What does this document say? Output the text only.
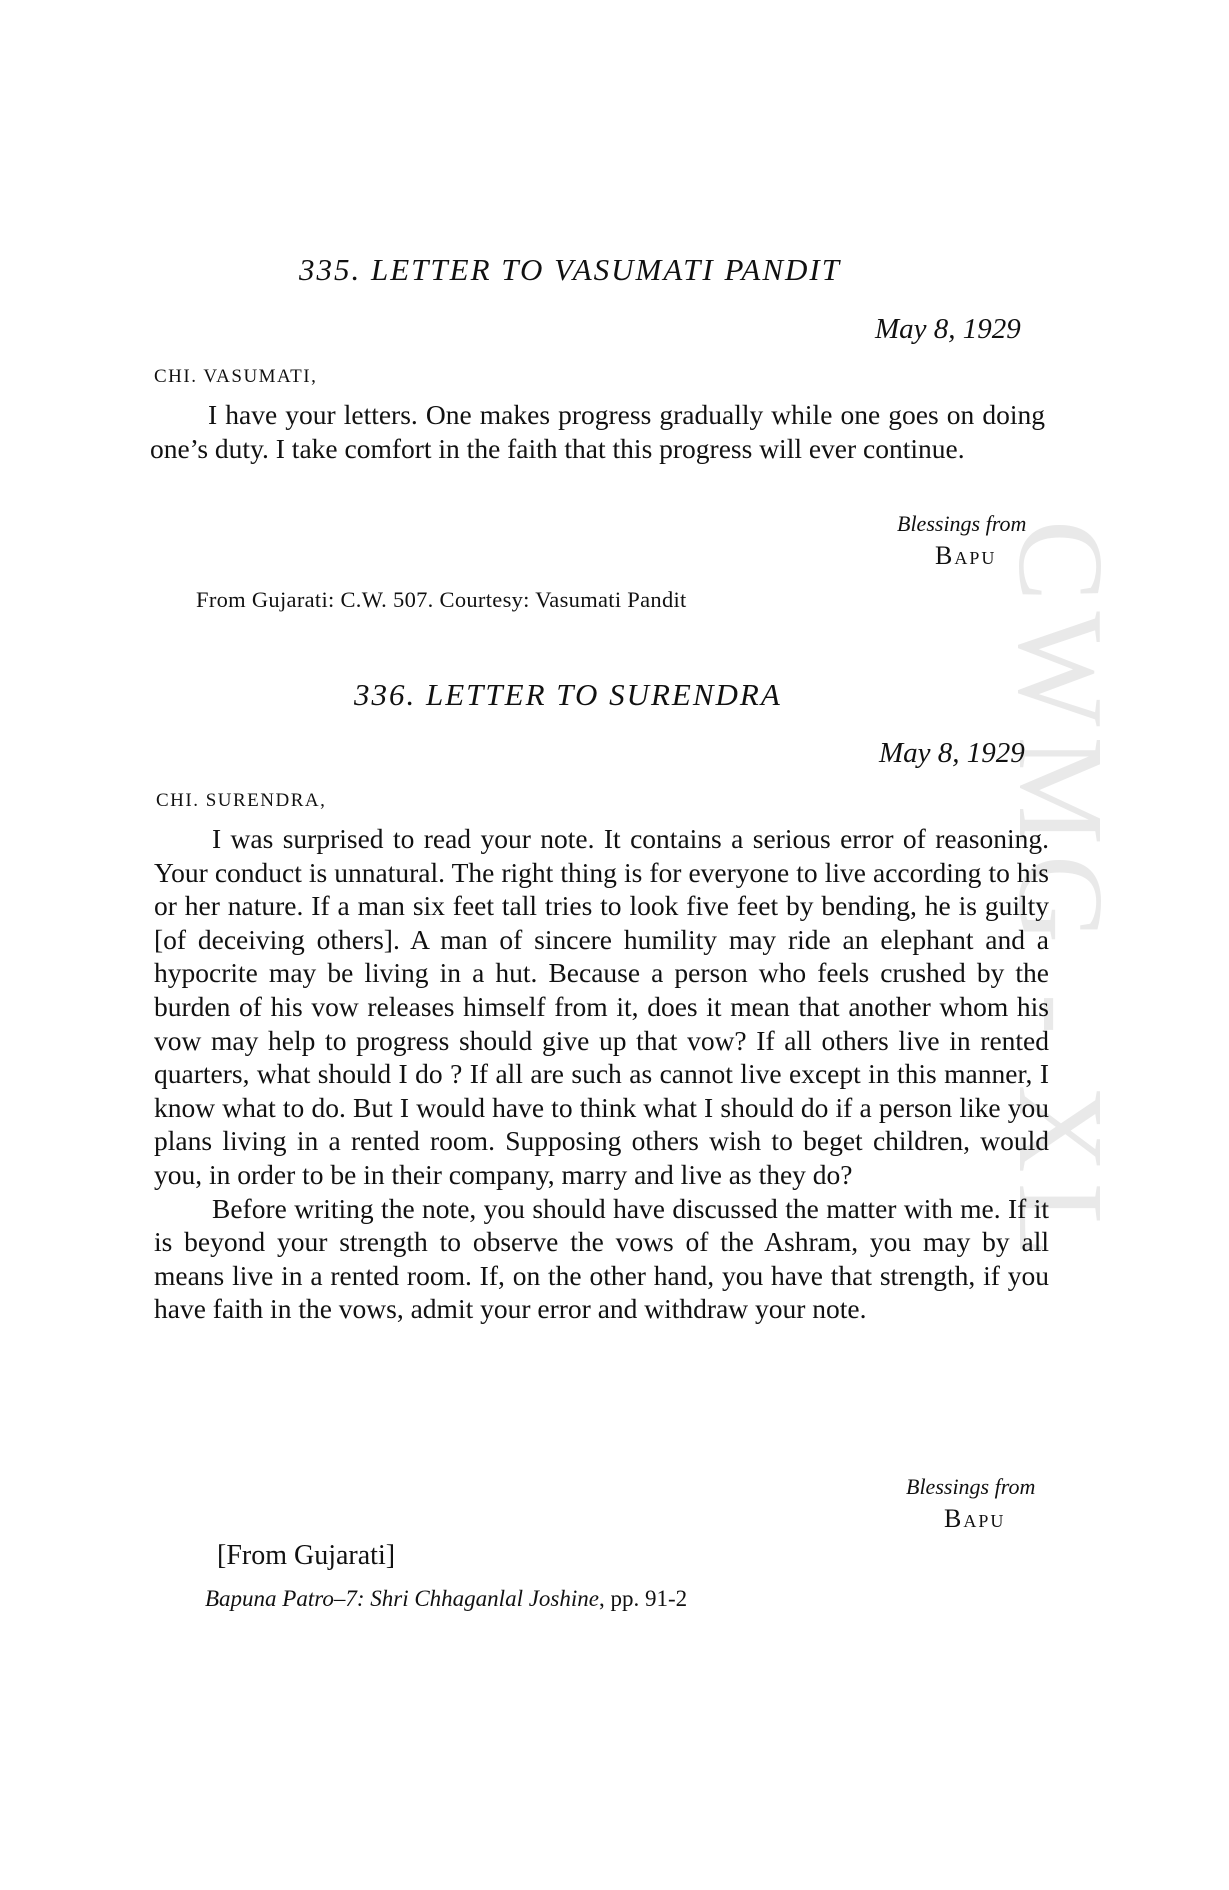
CWMG - XL
335. LETTER TO VASUMATI PANDIT
May 8, 1929
CHI. VASUMATI,

I have your letters. One makes progress gradually while one goes on doing one’s duty. I take comfort in the faith that this progress will ever continue.

Blessings from
Bapu
From Gujarati: C.W. 507. Courtesy: Vasumati Pandit
336. LETTER TO SURENDRA
May 8, 1929
CHI. SURENDRA,

I was surprised to read your note. It contains a serious error of reasoning. Your conduct is unnatural. The right thing is for everyone to live according to his or her nature. If a man six feet tall tries to look five feet by bending, he is guilty [of deceiving others]. A man of sincere humility may ride an elephant and a hypocrite may be living in a hut. Because a person who feels crushed by the burden of his vow releases himself from it, does it mean that another whom his vow may help to progress should give up that vow? If all others live in rented quarters, what should I do ? If all are such as cannot live except in this manner, I know what to do. But I would have to think what I should do if a person like you plans living in a rented room. Supposing others wish to beget children, would you, in order to be in their company, marry and live as they do?

Before writing the note, you should have discussed the matter with me. If it is beyond your strength to observe the vows of the Ashram, you may by all means live in a rented room. If, on the other hand, you have that strength, if you have faith in the vows, admit your error and withdraw your note.

Blessings from
Bapu
[From Gujarati]
Bapuna Patro–7: Shri Chhaganlal Joshine, pp. 91-2
